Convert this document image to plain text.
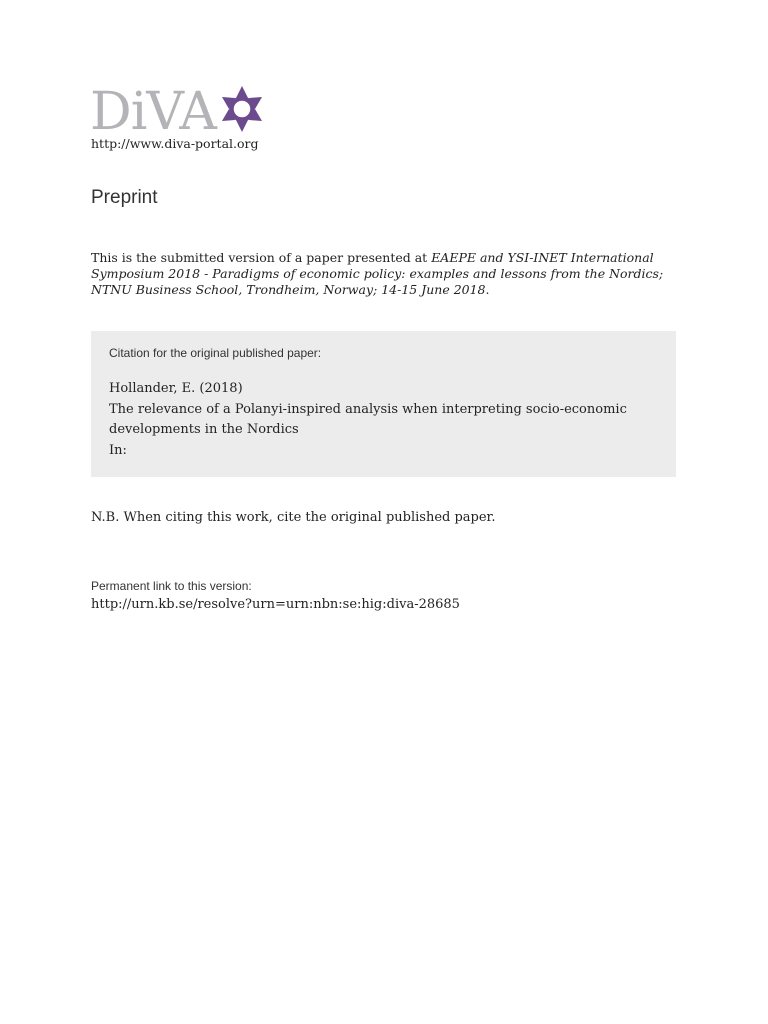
DiVA
http://www.diva-portal.org
Preprint
This is the submitted version of a paper presented at EAEPE and YSI-INET International Symposium 2018 - Paradigms of economic policy: examples and lessons from the Nordics; NTNU Business School, Trondheim, Norway; 14-15 June 2018.
Citation for the original published paper:
Hollander, E. (2018)
The relevance of a Polanyi-inspired analysis when interpreting socio-economic
developments in the Nordics
In:
N.B. When citing this work, cite the original published paper.
Permanent link to this version:
http://urn.kb.se/resolve?urn=urn:nbn:se:hig:diva-28685
